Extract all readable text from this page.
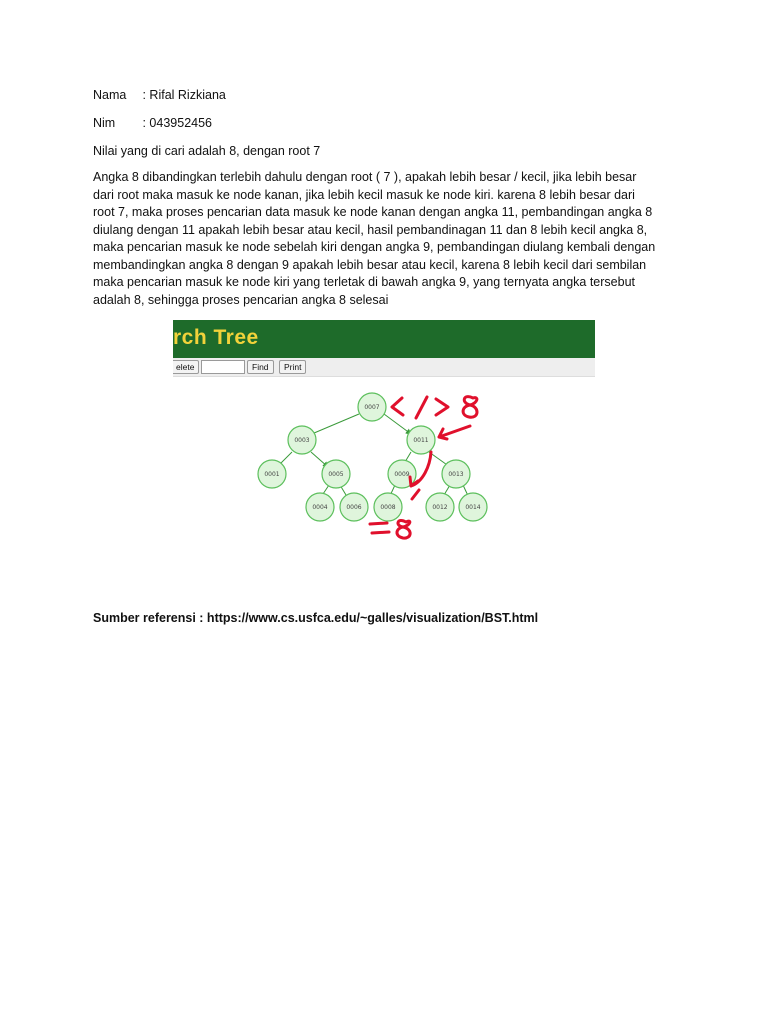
Nama : Rifal Rizkiana
Nim : 043952456
Nilai yang di cari adalah 8, dengan root 7
Angka 8 dibandingkan terlebih dahulu dengan root ( 7 ), apakah lebih besar / kecil, jika lebih besar
dari root maka masuk ke node kanan, jika lebih kecil masuk ke node kiri. karena 8 lebih besar dari
root 7, maka proses pencarian data masuk ke node kanan dengan angka 11, pembandingan angka 8
diulang dengan 11 apakah lebih besar atau kecil, hasil pembandinagan 11 dan 8 lebih kecil angka 8,
maka pencarian masuk ke node sebelah kiri dengan angka 9, pembandingan diulang kembali dengan
membandingkan angka 8 dengan 9 apakah lebih besar atau kecil, karena 8 lebih kecil dari sembilan
maka pencarian masuk ke node kiri yang terletak di bawah angka 9, yang ternyata angka tersebut
adalah 8, sehingga proses pencarian angka 8 selesai
rch Tree
elete	Find	Print
0007
0003	0011
0001	0005	0009	0013
0004	0006	0008	0012	0014
Sumber referensi : https://www.cs.usfca.edu/~galles/visualization/BST.html
